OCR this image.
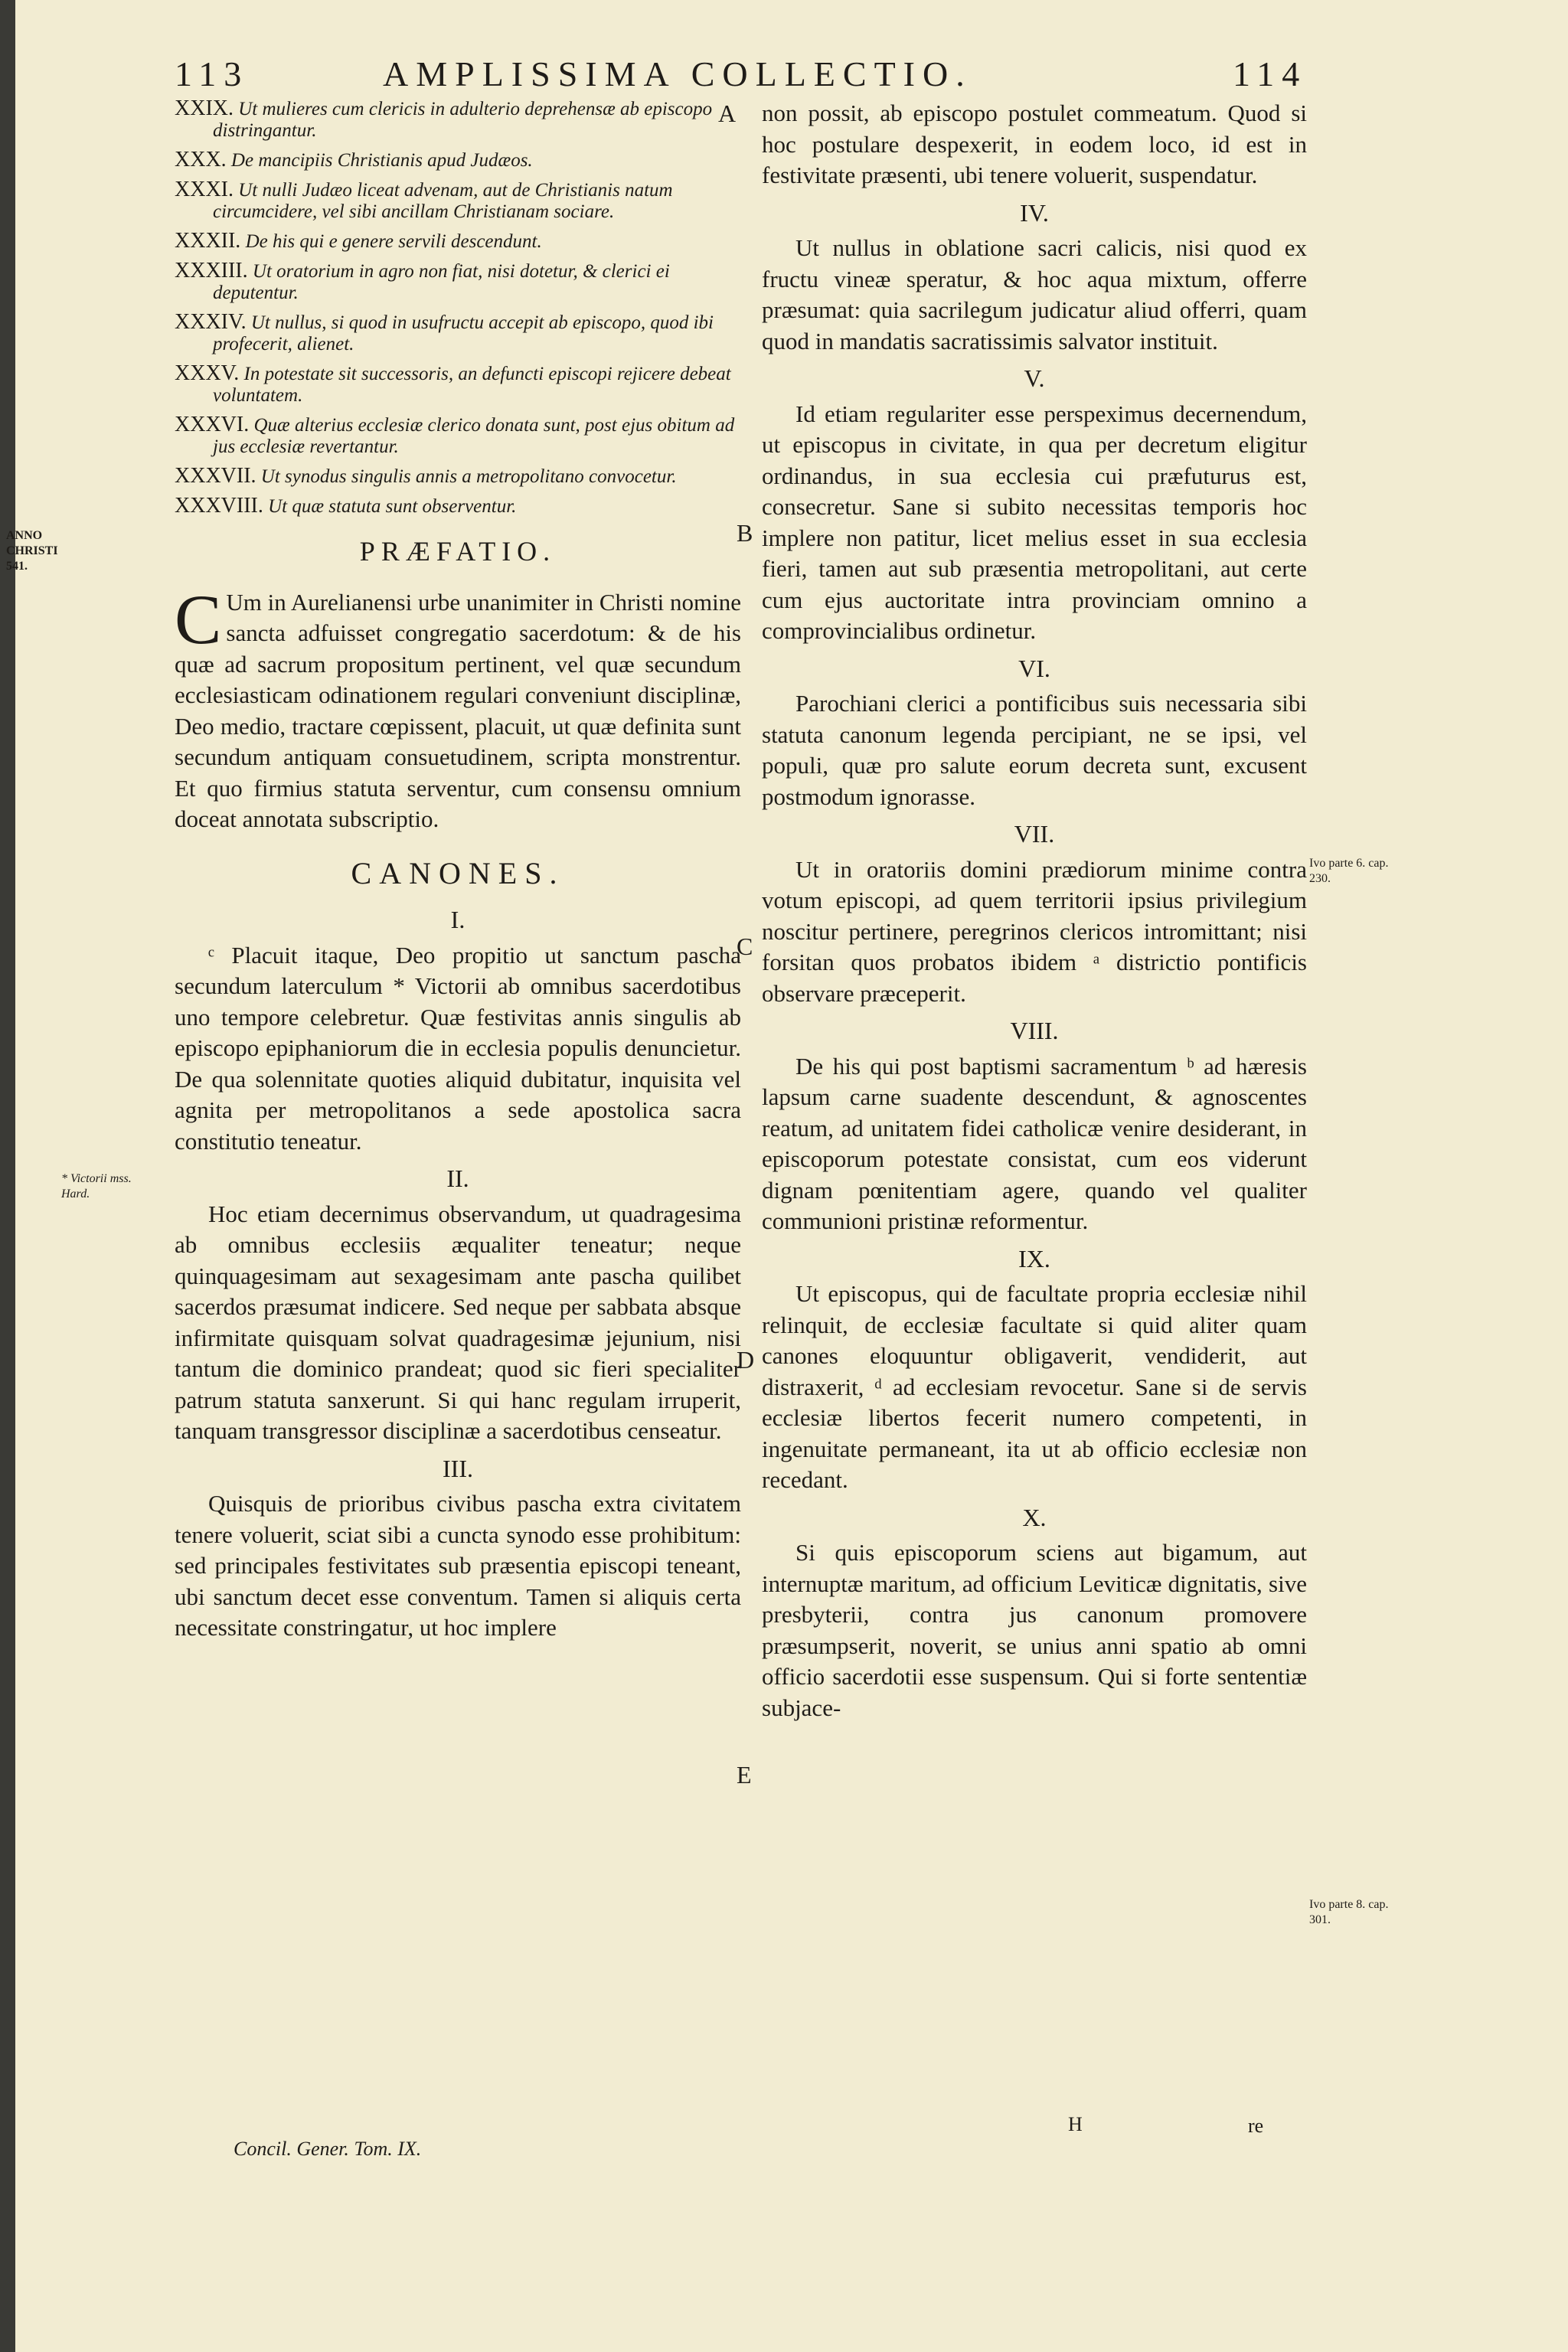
113	AMPLISSIMA COLLECTIO.	114

XXIX. Ut mulieres cum clericis in adulterio deprehensæ ab episcopo distringantur.

XXX. De mancipiis Christianis apud Judæos.

XXXI. Ut nulli Judæo liceat advenam, aut de Christianis natum circumcidere, vel sibi ancillam Christianam sociare.

XXXII. De his qui e genere servili descendunt.

XXXIII. Ut oratorium in agro non fiat, nisi dotetur, & clerici ei deputentur.

XXXIV. Ut nullus, si quod in usufructu accepit ab episcopo, quod ibi profecerit, alienet.

XXXV. In potestate sit successoris, an defuncti episcopi rejicere debeat voluntatem.

XXXVI. Quæ alterius ecclesiæ clerico donata sunt, post ejus obitum ad jus ecclesiæ revertantur.

XXXVII. Ut synodus singulis annis a metropolitano convocetur.

XXXVIII. Ut quæ statuta sunt observentur.

PRÆFATIO.

C Um in Aurelianensi urbe unanimiter in Christi nomine sancta adfuisset congregatio sacerdotum: & de his quæ ad sacrum propositum pertinent, vel quæ secundum ecclesiasticam odinationem regulari conveniunt disciplinæ, Deo medio, tractare cœpissent, placuit, ut quæ definita sunt secundum antiquam consuetudinem, scripta monstrentur. Et quo firmius statuta serventur, cum consensu omnium doceat annotata subscriptio.

CANONES.
I.

ᶜ Placuit itaque, Deo propitio ut sanctum pascha secundum laterculum * Victorii ab omnibus sacerdotibus uno tempore celebretur. Quæ festivitas annis singulis ab episcopo epiphaniorum die in ecclesia populis denuncietur. De qua solennitate quoties aliquid dubitatur, inquisita vel agnita per metropolitanos a sede apostolica sacra constitutio teneatur.

II.

Hoc etiam decernimus observandum, ut quadragesima ab omnibus ecclesiis æqualiter teneatur; neque quinquagesimam aut sexagesimam ante pascha quilibet sacerdos præsumat indicere. Sed neque per sabbata absque infirmitate quisquam solvat quadragesimæ jejunium, nisi tantum die dominico prandeat; quod sic fieri specialiter patrum statuta sanxerunt. Si qui hanc regulam irruperit, tanquam transgressor disciplinæ a sacerdotibus censeatur.

III.

Quisquis de prioribus civibus pascha extra civitatem tenere voluerit, sciat sibi a cuncta synodo esse prohibitum: sed principales festivitates sub præsentia episcopi teneant, ubi sanctum decet esse conventum. Tamen si aliquis certa necessitate constringatur, ut hoc implere

non possit, ab episcopo postulet commeatum. Quod si hoc postulare despexerit, in eodem loco, id est in festivitate præsenti, ubi tenere voluerit, suspendatur.

IV.

Ut nullus in oblatione sacri calicis, nisi quod ex fructu vineæ speratur, & hoc aqua mixtum, offerre præsumat: quia sacrilegum judicatur aliud offerri, quam quod in mandatis sacratissimis salvator instituit.

V.

Id etiam regulariter esse perspeximus decernendum, ut episcopus in civitate, in qua per decretum eligitur ordinandus, in sua ecclesia cui præfuturus est, consecretur. Sane si subito necessitas temporis hoc implere non patitur, licet melius esset in sua ecclesia fieri, tamen aut sub præsentia metropolitani, aut certe cum ejus auctoritate intra provinciam omnino a comprovincialibus ordinetur.

VI.

Parochiani clerici a pontificibus suis necessaria sibi statuta canonum legenda percipiant, ne se ipsi, vel populi, quæ pro salute eorum decreta sunt, excusent postmodum ignorasse.

VII.

Ut in oratoriis domini prædiorum minime contra votum episcopi, ad quem territorii ipsius privilegium noscitur pertinere, peregrinos clericos intromittant; nisi forsitan quos probatos ibidem ᵃ districtio pontificis observare præceperit.

VIII.

De his qui post baptismi sacramentum ᵇ ad hæresis lapsum carne suadente descendunt, & agnoscentes reatum, ad unitatem fidei catholicæ venire desiderant, in episcoporum potestate consistat, cum eos viderunt dignam pœnitentiam agere, quando vel qualiter communioni pristinæ reformentur.

IX.

Ut episcopus, qui de facultate propria ecclesiæ nihil relinquit, de ecclesiæ facultate si quid aliter quam canones eloquuntur obligaverit, vendiderit, aut distraxerit, ᵈ ad ecclesiam revocetur. Sane si de servis ecclesiæ libertos fecerit numero competenti, in ingenuitate permaneant, ita ut ab officio ecclesiæ non recedant.

X.

Si quis episcoporum sciens aut bigamum, aut internuptæ maritum, ad officium Leviticæ dignitatis, sive presbyterii, contra jus canonum promovere præsumpserit, noverit, se unius anni spatio ab omni officio sacerdotii esse suspensum. Qui si forte sententiæ subjace-

A
B
C
D
E
ANNO CHRISTI 541.
* Victorii mss. Hard.
Ivo parte 6. cap. 230.
Ivo parte 8. cap. 301.
Concil. Gener. Tom. IX.
H	re
